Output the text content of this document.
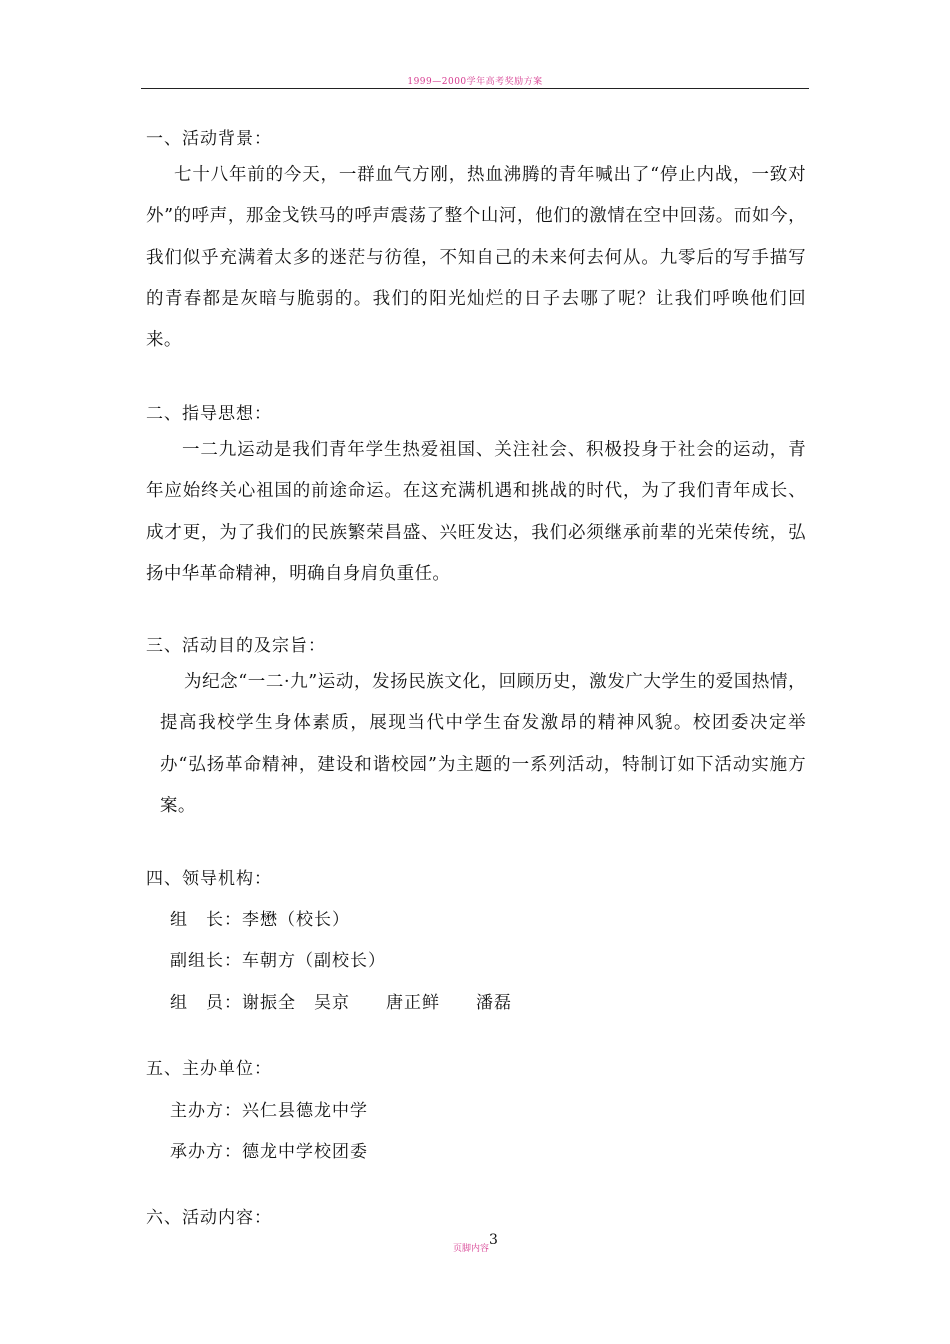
1999—2000学年高考奖励方案
一、活动背景：
七十八年前的今天，一群血气方刚，热血沸腾的青年喊出了“停止内战，一致对外”的呼声，那金戈铁马的呼声震荡了整个山河，他们的激情在空中回荡。而如今，我们似乎充满着太多的迷茫与彷徨，不知自己的未来何去何从。九零后的写手描写的青春都是灰暗与脆弱的。我们的阳光灿烂的日子去哪了呢？让我们呼唤他们回来。
二、指导思想：
一二九运动是我们青年学生热爱祖国、关注社会、积极投身于社会的运动，青年应始终关心祖国的前途命运。在这充满机遇和挑战的时代，为了我们青年成长、成才更，为了我们的民族繁荣昌盛、兴旺发达，我们必须继承前辈的光荣传统，弘扬中华革命精神，明确自身肩负重任。
三、活动目的及宗旨：
为纪念“一二·九”运动，发扬民族文化，回顾历史，激发广大学生的爱国热情，提高我校学生身体素质，展现当代中学生奋发激昂的精神风貌。校团委决定举办“弘扬革命精神，建设和谐校园”为主题的一系列活动，特制订如下活动实施方案。
四、领导机构：
组　长：李懋（校长）
副组长：车朝方（副校长）
组　员：谢振全　吴京　　唐正鲜　　潘磊
五、主办单位：
主办方：兴仁县德龙中学
承办方：德龙中学校团委
六、活动内容：
页脚内容
3
